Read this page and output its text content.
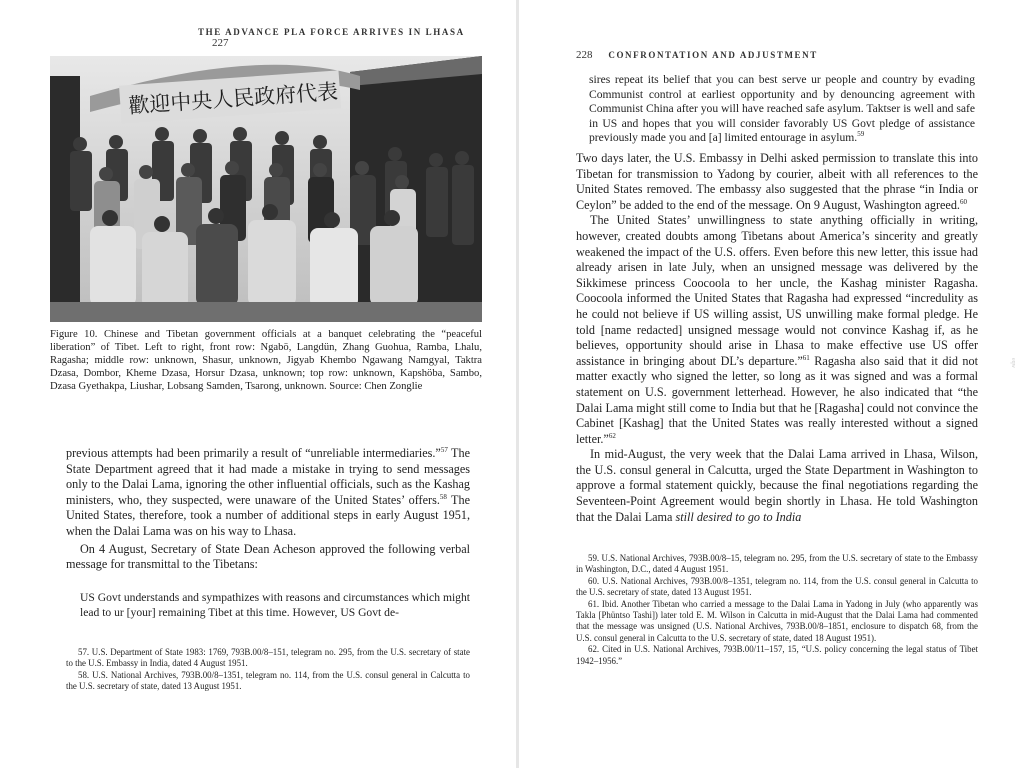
THE ADVANCE PLA FORCE ARRIVES IN LHASA 227
歡迎中央人民政府代表
Figure 10. Chinese and Tibetan government officials at a banquet celebrating the “peaceful liberation” of Tibet. Left to right, front row: Ngabö, Langdün, Zhang Guohua, Ramba, Lhalu, Ragasha; middle row: unknown, Shasur, unknown, Jigyab Khembo Ngawang Namgyal, Taktra Dzasa, Dombor, Kheme Dzasa, Horsur Dzasa, unknown; top row: unknown, Kapshöba, Sambo, Dzasa Gyethakpa, Liushar, Lobsang Samden, Tsarong, unknown. Source: Chen Zonglie

previous attempts had been primarily a result of “unreliable intermediaries.”$^{57}$ The State Department agreed that it had made a mistake in trying to send messages only to the Dalai Lama, ignoring the other influential officials, such as the Kashag ministers, who, they suspected, were unaware of the United States’ offers.$^{58}$ The United States, therefore, took a number of additional steps in early August 1951, when the Dalai Lama was on his way to Lhasa.

On 4 August, Secretary of State Dean Acheson approved the following verbal message for transmittal to the Tibetans:

US Govt understands and sympathizes with reasons and circumstances which might lead to ur [your] remaining Tibet at this time. However, US Govt de-

57. U.S. Department of State 1983: 1769, 793B.00/8–151, telegram no. 295, from the U.S. secretary of state to the U.S. Embassy in India, dated 4 August 1951.

58. U.S. National Archives, 793B.00/8–1351, telegram no. 114, from the U.S. consul general in Calcutta to the U.S. secretary of state, dated 13 August 1951.

228 CONFRONTATION AND ADJUSTMENT
sires repeat its belief that you can best serve ur people and country by evading Communist control at earliest opportunity and by denouncing agreement with Communist China after you will have reached safe asylum. Taktser is well and safe in US and hopes that you will consider favorably US Govt pledge of assistance previously made you and [a] limited entourage in asylum.$^{59}$

Two days later, the U.S. Embassy in Delhi asked permission to translate this into Tibetan for transmission to Yadong by courier, albeit with all references to the United States removed. The embassy also suggested that the phrase “in India or Ceylon” be added to the end of the message. On 9 August, Washington agreed.$^{60}$

The United States’ unwillingness to state anything officially in writing, however, created doubts among Tibetans about America’s sincerity and greatly weakened the impact of the U.S. offers. Even before this new letter, this issue had already arisen in late July, when an unsigned message was delivered by the Sikkimese princess Coocoola to her uncle, the Kashag minister Ragasha. Coocoola informed the United States that Ragasha had expressed “incredulity as he could not believe if US willing assist, US unwilling make formal pledge. He told [name redacted] unsigned message would not convince Kashag if, as he believes, opportunity should arise in Lhasa to make effective use US offer assistance in bringing about DL’s departure.”$^{61}$ Ragasha also said that it did not matter exactly who signed the letter, so long as it was signed and was a formal statement on U.S. government letterhead. However, he also indicated that “the Dalai Lama might still come to India but that he [Ragasha] could not convince the Cabinet [Kashag] that the United States was really interested without a signed letter.”$^{62}$

In mid-August, the very week that the Dalai Lama arrived in Lhasa, Wilson, the U.S. consul general in Calcutta, urged the State Department in Washington to approve a formal statement quickly, because the final negotiations regarding the Seventeen-Point Agreement would begin shortly in Lhasa. He told Washington that the Dalai Lama still desired to go to India

59. U.S. National Archives, 793B.00/8–15, telegram no. 295, from the U.S. secretary of state to the Embassy in Washington, D.C., dated 4 August 1951.

60. U.S. National Archives, 793B.00/8–1351, telegram no. 114, from the U.S. consul general in Calcutta to the U.S. secretary of state, dated 13 August 1951.

61. Ibid. Another Tibetan who carried a message to the Dalai Lama in Yadong in July (who apparently was Takla [Phüntso Tashi]) later told E. M. Wilson in Calcutta in mid-August that the Dalai Lama had commented that the message was unsigned (U.S. National Archives, 793B.00/8–1851, enclosure to dispatch 68, from the U.S. consul general in Calcutta to the U.S. secretary of state, dated 18 August 1951).

62. Cited in U.S. National Archives, 793B.00/11–157, 15, “U.S. policy concerning the legal status of Tibet 1942–1956.”

eqw
